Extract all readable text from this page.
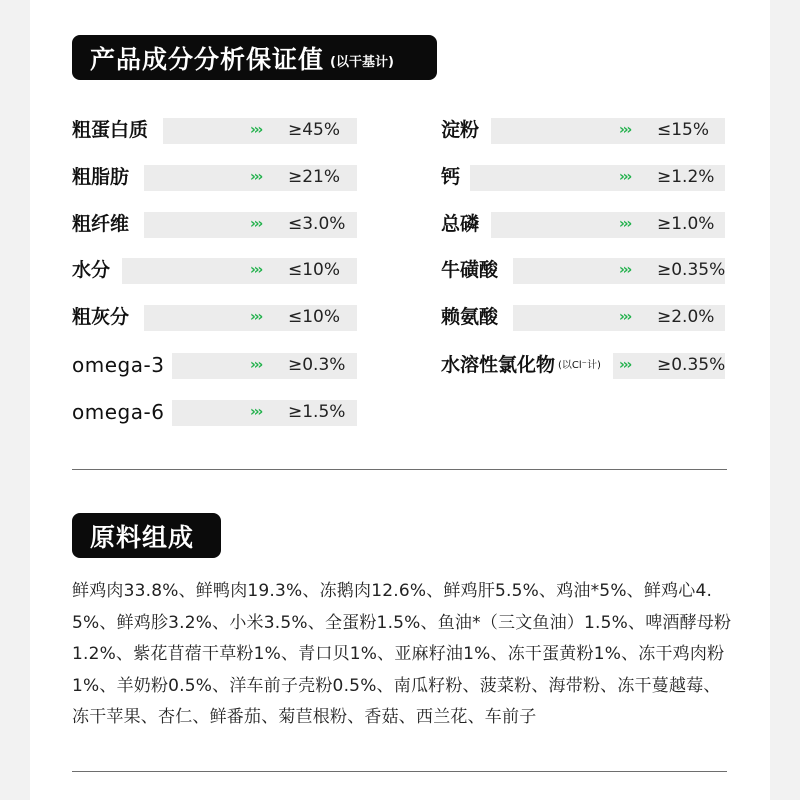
产品成分分析保证值 (以干基计)
粗蛋白质	››› ≥45%
粗脂肪	››› ≥21%
粗纤维	››› ≤3.0%
水分	››› ≤10%
粗灰分	››› ≤10%
omega-3	››› ≥0.3%
omega-6	››› ≥1.5%
淀粉	››› ≤15%
钙	››› ≥1.2%
总磷	››› ≥1.0%
牛磺酸	››› ≥0.35%
赖氨酸	››› ≥2.0%
水溶性氯化物 (以Cl⁻计) ››› ≥0.35%
原料组成
鲜鸡肉33.8%、鲜鸭肉19.3%、冻鹅肉12.6%、鲜鸡肝5.5%、鸡油*5%、鲜鸡心4.5%、鲜鸡胗3.2%、小米3.5%、全蛋粉1.5%、鱼油*（三文鱼油）1.5%、啤酒酵母粉1.2%、紫花苜蓿干草粉1%、青口贝1%、亚麻籽油1%、冻干蛋黄粉1%、冻干鸡肉粉1%、羊奶粉0.5%、洋车前子壳粉0.5%、南瓜籽粉、菠菜粉、海带粉、冻干蔓越莓、冻干苹果、杏仁、鲜番茄、菊苣根粉、香菇、西兰花、车前子
